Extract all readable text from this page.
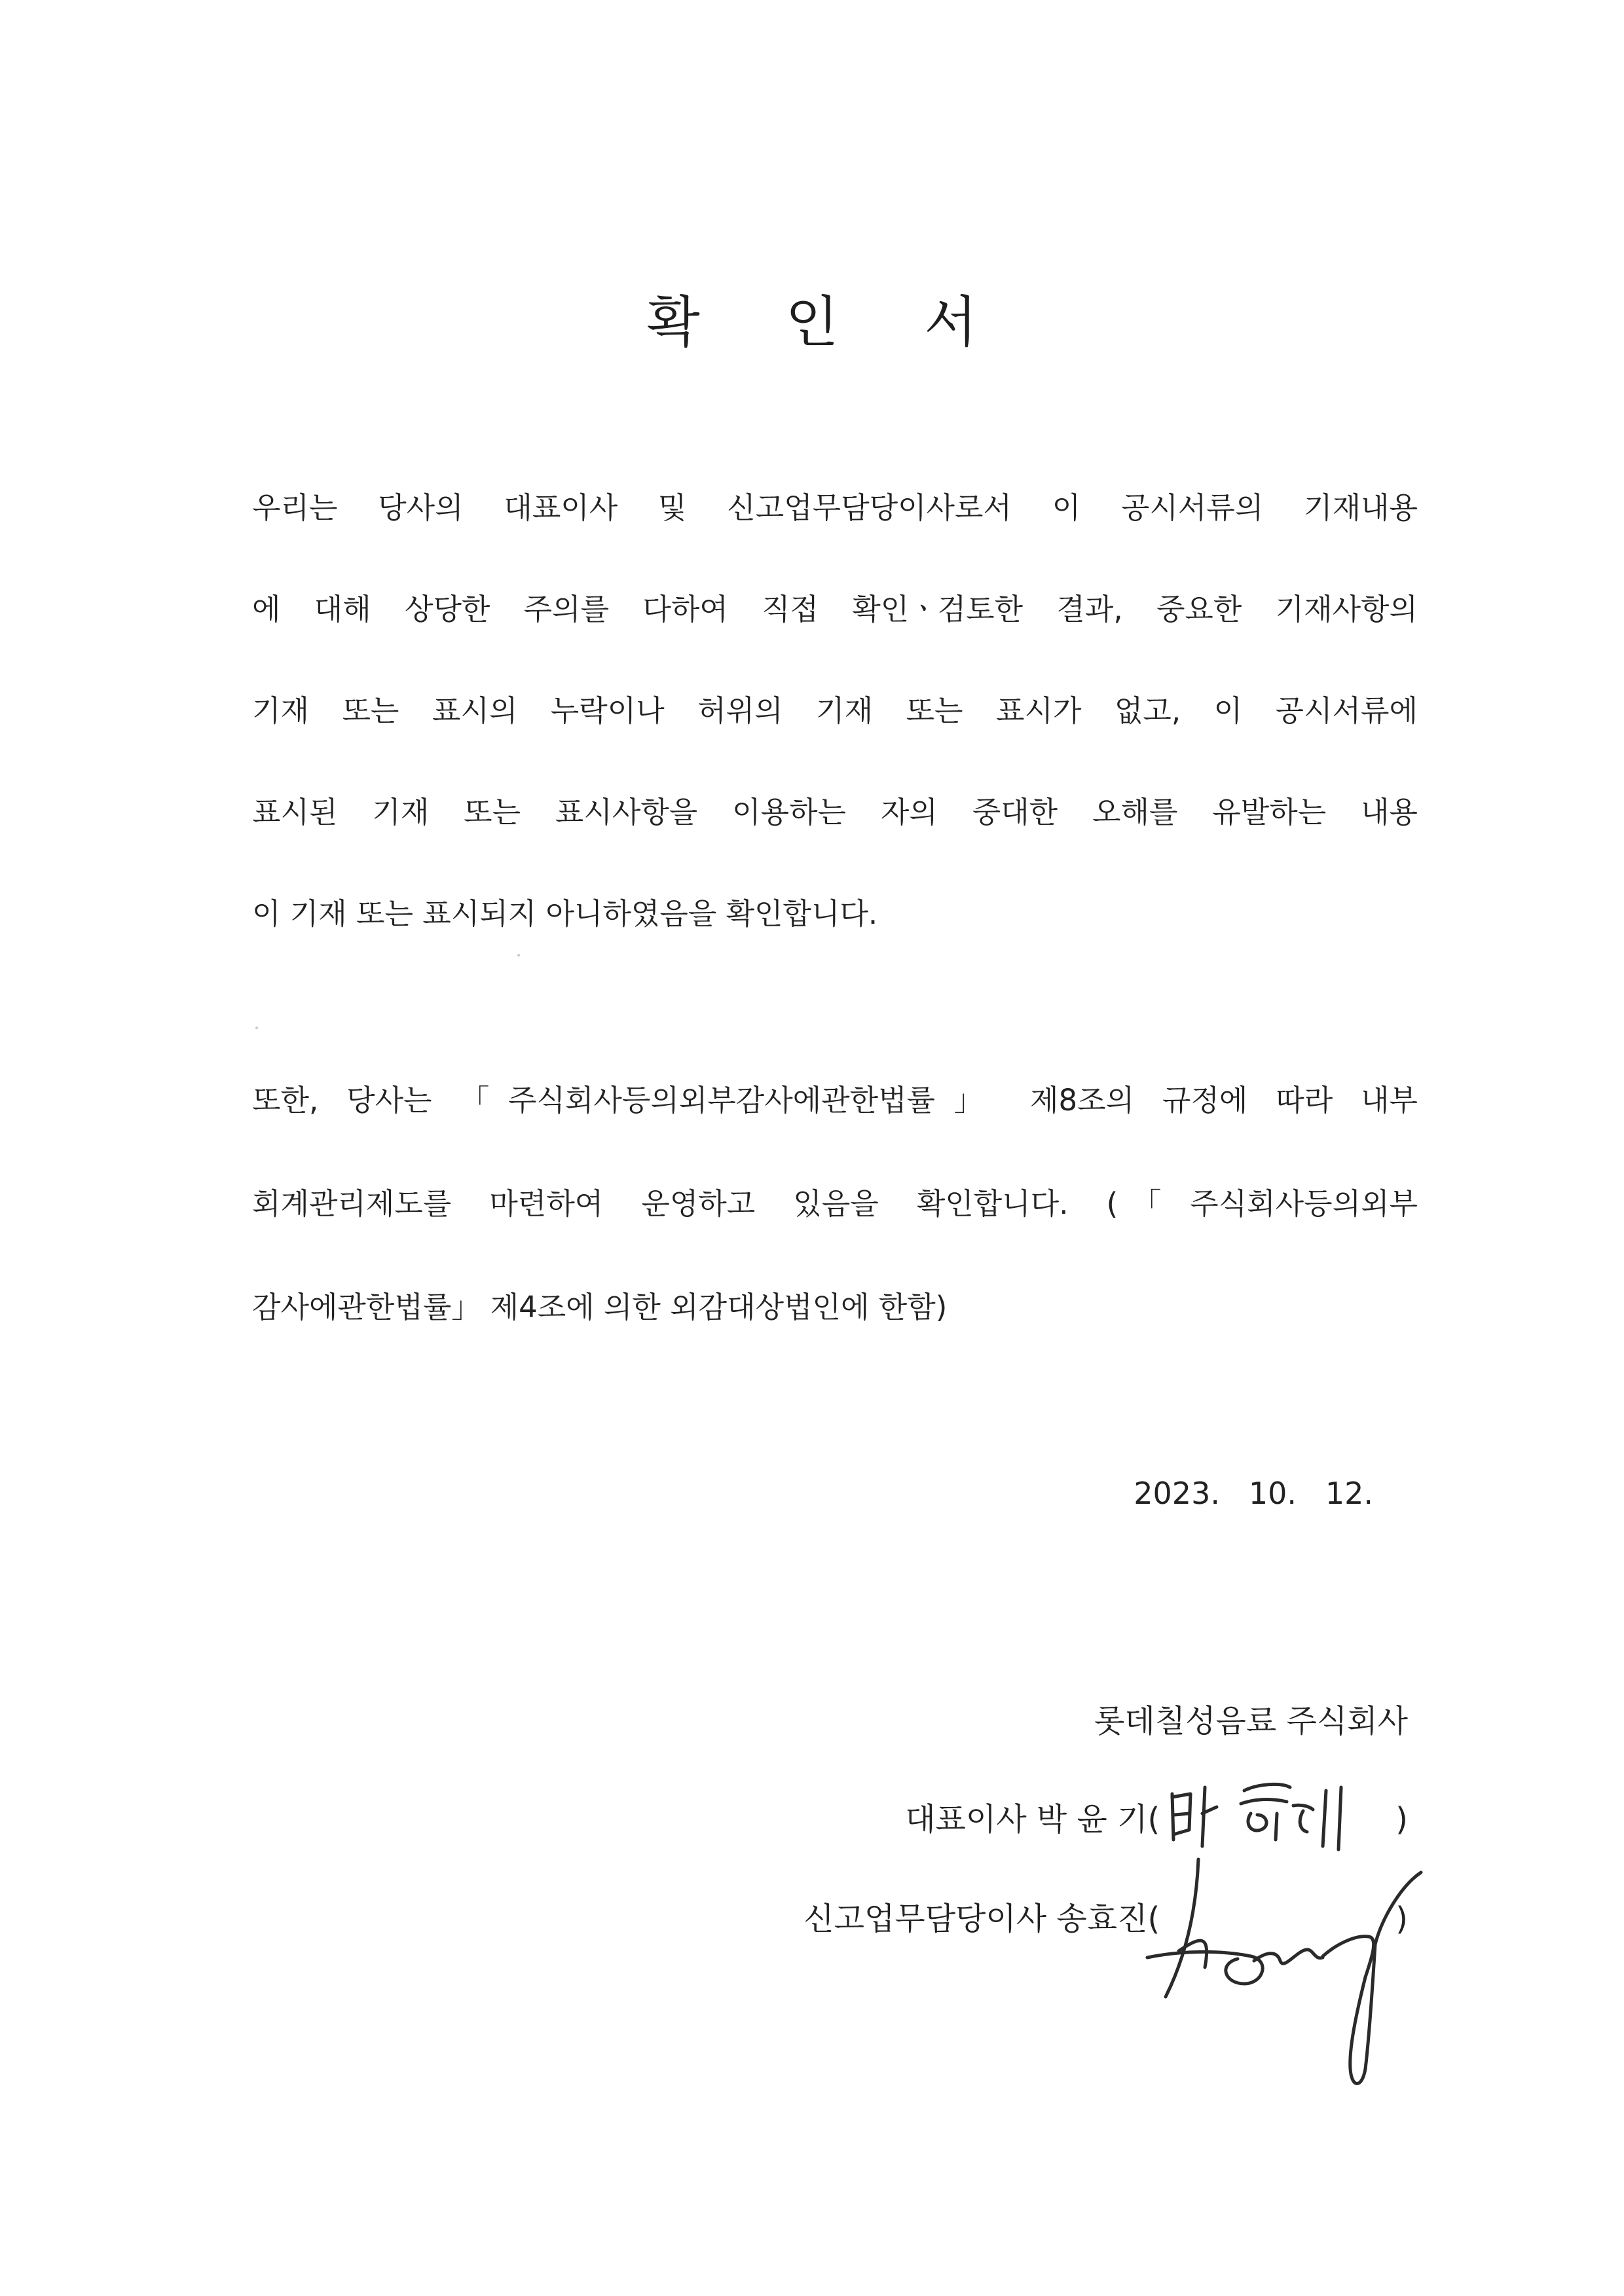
확 인 서
우리는 당사의 대표이사 및 신고업무담당이사로서 이 공시서류의 기재내용
에 대해 상당한 주의를 다하여 직접 확인ㆍ검토한 결과, 중요한 기재사항의
기재 또는 표시의 누락이나 허위의 기재 또는 표시가 없고, 이 공시서류에
표시된 기재 또는 표시사항을 이용하는 자의 중대한 오해를 유발하는 내용
이 기재 또는 표시되지 아니하였음을 확인합니다.
또한, 당사는 「주식회사등의외부감사에관한법률」 제8조의 규정에 따라 내부
회계관리제도를 마련하여 운영하고 있음을 확인합니다. (「주식회사등의외부
감사에관한법률」 제4조에 의한 외감대상법인에 한함)
2023.   10.   12.
롯데칠성음료 주식회사
대표이사 박 윤 기(	)
신고업무담당이사 송효진(	)
